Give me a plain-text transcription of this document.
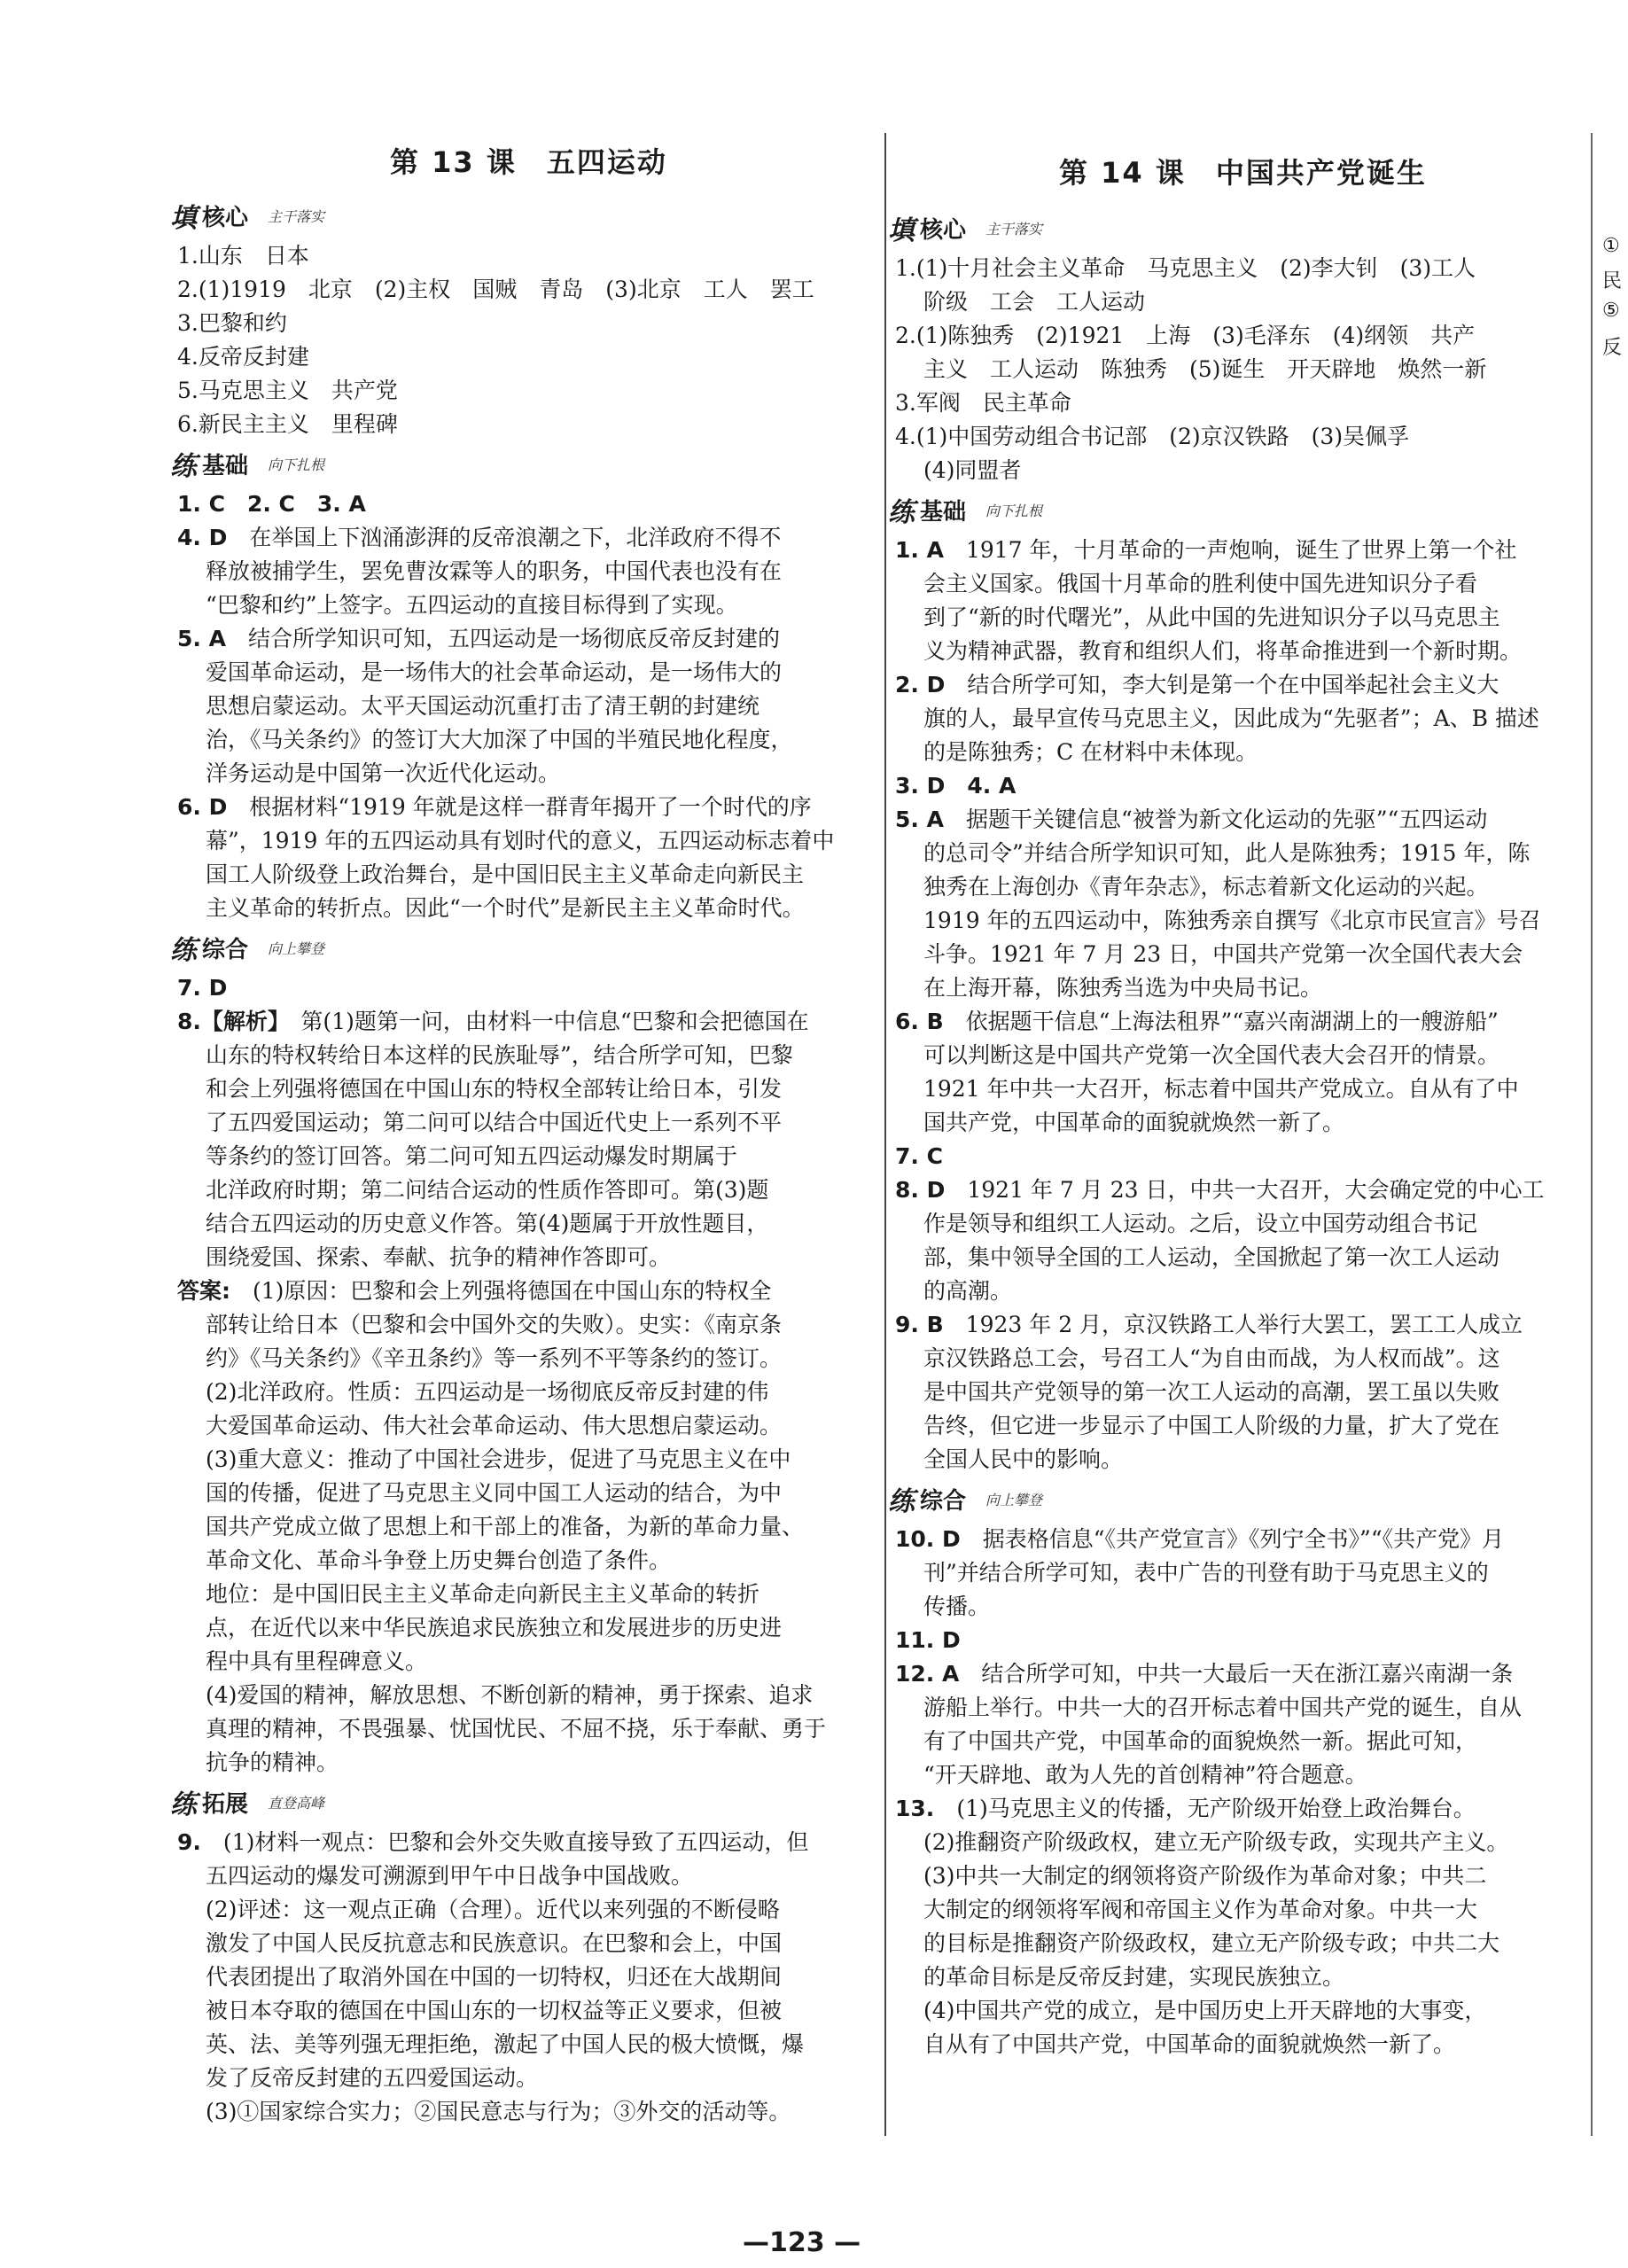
第 13 课　五四运动	第 14 课　中国共产党诞生
①
民
⑤
反
填 核心 主干落实
1.山东　日本
2.(1)1919　北京　(2)主权　国贼　青岛　(3)北京　工人　罢工
3.巴黎和约
4.反帝反封建
5.马克思主义　共产党
6.新民主主义　里程碑
练 基础 向下扎根
1. C　2. C　3. A　
4. D　 在举国上下汹涌澎湃的反帝浪潮之下，北洋政府不得不
释放被捕学生，罢免曹汝霖等人的职务，中国代表也没有在
“巴黎和约”上签字。五四运动的直接目标得到了实现。
5. A　 结合所学知识可知，五四运动是一场彻底反帝反封建的
爱国革命运动，是一场伟大的社会革命运动，是一场伟大的
思想启蒙运动。太平天国运动沉重打击了清王朝的封建统
治，《马关条约》的签订大大加深了中国的半殖民地化程度，
洋务运动是中国第一次近代化运动。
6. D　 根据材料“1919 年就是这样一群青年揭开了一个时代的序
幕”，1919 年的五四运动具有划时代的意义，五四运动标志着中
国工人阶级登上政治舞台，是中国旧民主主义革命走向新民主
主义革命的转折点。因此“一个时代”是新民主主义革命时代。
练 综合 向上攀登
7. D　
8.【解析】　 第(1)题第一问，由材料一中信息“巴黎和会把德国在
山东的特权转给日本这样的民族耻辱”，结合所学可知，巴黎
和会上列强将德国在中国山东的特权全部转让给日本，引发
了五四爱国运动；第二问可以结合中国近代史上一系列不平
等条约的签订回答。第二问可知五四运动爆发时期属于
北洋政府时期；第二问结合运动的性质作答即可。第(3)题
结合五四运动的历史意义作答。第(4)题属于开放性题目，
围绕爱国、探索、奉献、抗争的精神作答即可。
答案:　 (1)原因：巴黎和会上列强将德国在中国山东的特权全
部转让给日本（巴黎和会中国外交的失败）。史实：《南京条
约》《马关条约》《辛丑条约》等一系列不平等条约的签订。
(2)北洋政府。性质：五四运动是一场彻底反帝反封建的伟
大爱国革命运动、伟大社会革命运动、伟大思想启蒙运动。
(3)重大意义：推动了中国社会进步，促进了马克思主义在中
国的传播，促进了马克思主义同中国工人运动的结合，为中
国共产党成立做了思想上和干部上的准备，为新的革命力量、
革命文化、革命斗争登上历史舞台创造了条件。
地位：是中国旧民主主义革命走向新民主主义革命的转折
点，在近代以来中华民族追求民族独立和发展进步的历史进
程中具有里程碑意义。
(4)爱国的精神，解放思想、不断创新的精神，勇于探索、追求
真理的精神，不畏强暴、忧国忧民、不屈不挠，乐于奉献、勇于
抗争的精神。
练 拓展 直登高峰
9.　 (1)材料一观点：巴黎和会外交失败直接导致了五四运动，但
五四运动的爆发可溯源到甲午中日战争中国战败。
(2)评述：这一观点正确（合理）。近代以来列强的不断侵略
激发了中国人民反抗意志和民族意识。在巴黎和会上，中国
代表团提出了取消外国在中国的一切特权，归还在大战期间
被日本夺取的德国在中国山东的一切权益等正义要求，但被
英、法、美等列强无理拒绝，激起了中国人民的极大愤慨，爆
发了反帝反封建的五四爱国运动。
(3)①国家综合实力；②国民意志与行为；③外交的活动等。
填 核心 主干落实
1.(1)十月社会主义革命　马克思主义　(2)李大钊　(3)工人
阶级　工会　工人运动
2.(1)陈独秀　(2)1921　上海　(3)毛泽东　(4)纲领　共产
主义　工人运动　陈独秀　(5)诞生　开天辟地　焕然一新
3.军阀　民主革命
4.(1)中国劳动组合书记部　(2)京汉铁路　(3)吴佩孚
(4)同盟者
练 基础 向下扎根
1. A　 1917 年，十月革命的一声炮响，诞生了世界上第一个社
会主义国家。俄国十月革命的胜利使中国先进知识分子看
到了“新的时代曙光”，从此中国的先进知识分子以马克思主
义为精神武器，教育和组织人们，将革命推进到一个新时期。
2. D　 结合所学可知，李大钊是第一个在中国举起社会主义大
旗的人，最早宣传马克思主义，因此成为“先驱者”；A、B 描述
的是陈独秀；C 在材料中未体现。
3. D　4. A　
5. A　 据题干关键信息“被誉为新文化运动的先驱”“五四运动
的总司令”并结合所学知识可知，此人是陈独秀；1915 年，陈
独秀在上海创办《青年杂志》，标志着新文化运动的兴起。
1919 年的五四运动中，陈独秀亲自撰写《北京市民宣言》号召
斗争。1921 年 7 月 23 日，中国共产党第一次全国代表大会
在上海开幕，陈独秀当选为中央局书记。
6. B　 依据题干信息“上海法租界”“嘉兴南湖湖上的一艘游船”
可以判断这是中国共产党第一次全国代表大会召开的情景。
1921 年中共一大召开，标志着中国共产党成立。自从有了中
国共产党，中国革命的面貌就焕然一新了。
7. C　
8. D　 1921 年 7 月 23 日，中共一大召开，大会确定党的中心工
作是领导和组织工人运动。之后，设立中国劳动组合书记
部，集中领导全国的工人运动，全国掀起了第一次工人运动
的高潮。
9. B　 1923 年 2 月，京汉铁路工人举行大罢工，罢工工人成立
京汉铁路总工会，号召工人“为自由而战，为人权而战”。这
是中国共产党领导的第一次工人运动的高潮，罢工虽以失败
告终，但它进一步显示了中国工人阶级的力量，扩大了党在
全国人民中的影响。
练 综合 向上攀登
10. D　 据表格信息“《共产党宣言》《列宁全书》”“《共产党》月
刊”并结合所学可知，表中广告的刊登有助于马克思主义的
传播。
11. D　
12. A　 结合所学可知，中共一大最后一天在浙江嘉兴南湖一条
游船上举行。中共一大的召开标志着中国共产党的诞生，自从
有了中国共产党，中国革命的面貌焕然一新。据此可知，
“开天辟地、敢为人先的首创精神”符合题意。
13.　 (1)马克思主义的传播，无产阶级开始登上政治舞台。
(2)推翻资产阶级政权，建立无产阶级专政，实现共产主义。
(3)中共一大制定的纲领将资产阶级作为革命对象；中共二
大制定的纲领将军阀和帝国主义作为革命对象。中共一大
的目标是推翻资产阶级政权，建立无产阶级专政；中共二大
的革命目标是反帝反封建，实现民族独立。
(4)中国共产党的成立，是中国历史上开天辟地的大事变，
自从有了中国共产党，中国革命的面貌就焕然一新了。
—123 —
